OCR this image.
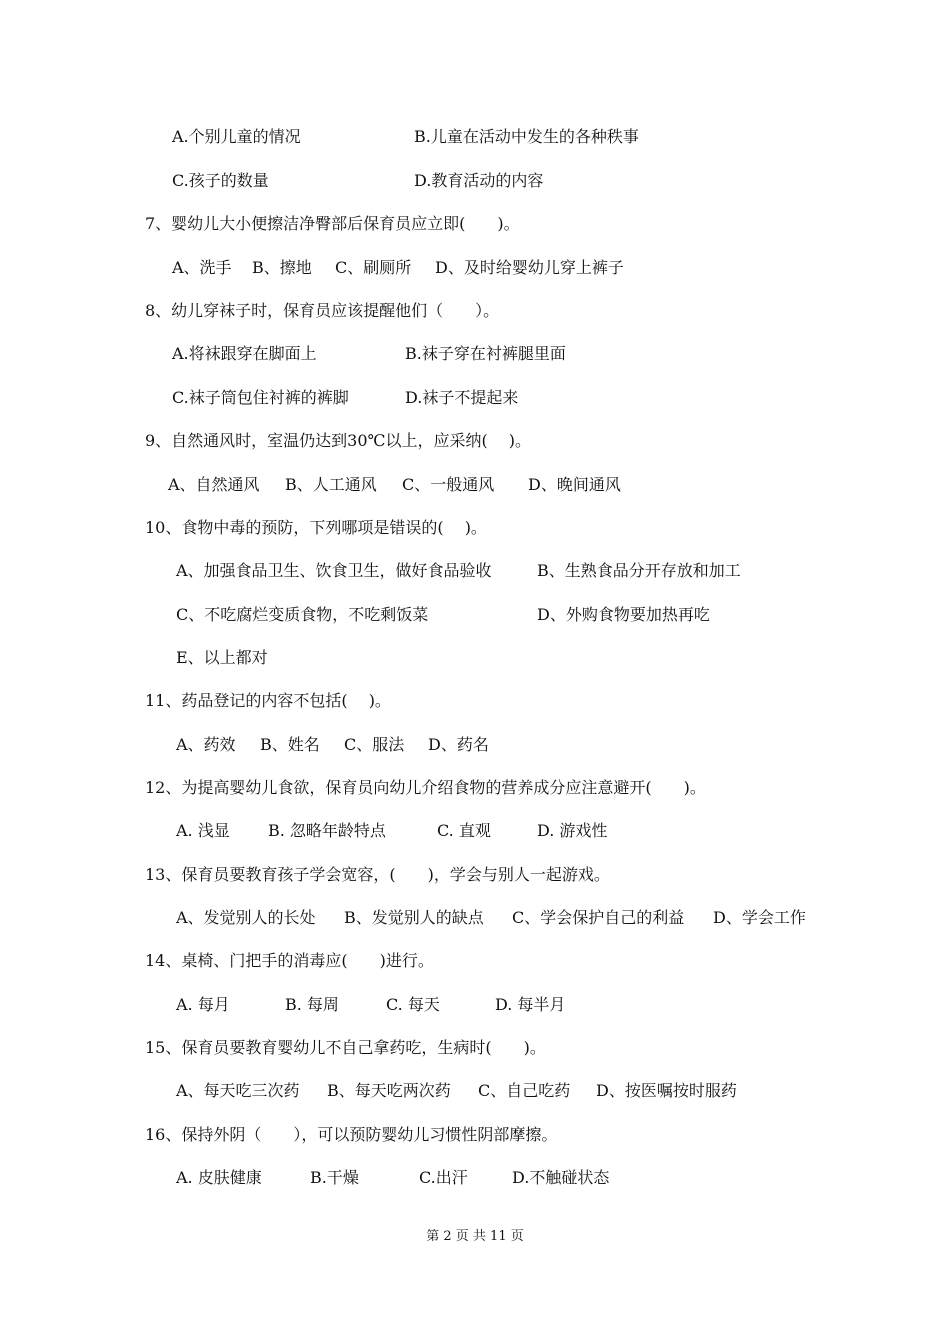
A.个别儿童的情况	B.儿童在活动中发生的各种秩事
C.孩子的数量	D.教育活动的内容
7、婴幼儿大小便擦洁净臀部后保育员应立即(　　)。
A、洗手 B、擦地 C、刷厕所 D、及时给婴幼儿穿上裤子
8、幼儿穿袜子时，保育员应该提醒他们（　　）。
A.将袜跟穿在脚面上	B.袜子穿在衬裤腿里面
C.袜子筒包住衬裤的裤脚	D.袜子不提起来
9、自然通风时，室温仍达到30℃以上，应采纳(　 )。
A、自然通风 B、人工通风 C、一般通风 D、晚间通风
10、食物中毒的预防，下列哪项是错误的(　 )。
A、加强食品卫生、饮食卫生，做好食品验收	B、生熟食品分开存放和加工
C、不吃腐烂变质食物，不吃剩饭菜	D、外购食物要加热再吃
E、以上都对
11、药品登记的内容不包括(　 )。
A、药效 B、姓名 C、服法 D、药名
12、为提高婴幼儿食欲，保育员向幼儿介绍食物的营养成分应注意避开(　　)。
A. 浅显 B. 忽略年龄特点	C. 直观	D. 游戏性
13、保育员要教育孩子学会宽容，(　　)，学会与别人一起游戏。
A、发觉别人的长处 B、发觉别人的缺点 C、学会保护自己的利益 D、学会工作
14、桌椅、门把手的消毒应(　　)进行。
A. 每月	B. 每周	C. 每天	D. 每半月
15、保育员要教育婴幼儿不自己拿药吃，生病时(　　)。
A、每天吃三次药 B、每天吃两次药 C、自己吃药 D、按医嘱按时服药
16、保持外阴（　　），可以预防婴幼儿习惯性阴部摩擦。
A. 皮肤健康	B.干燥	C.出汗	D.不触碰状态
第 2 页 共 11 页
